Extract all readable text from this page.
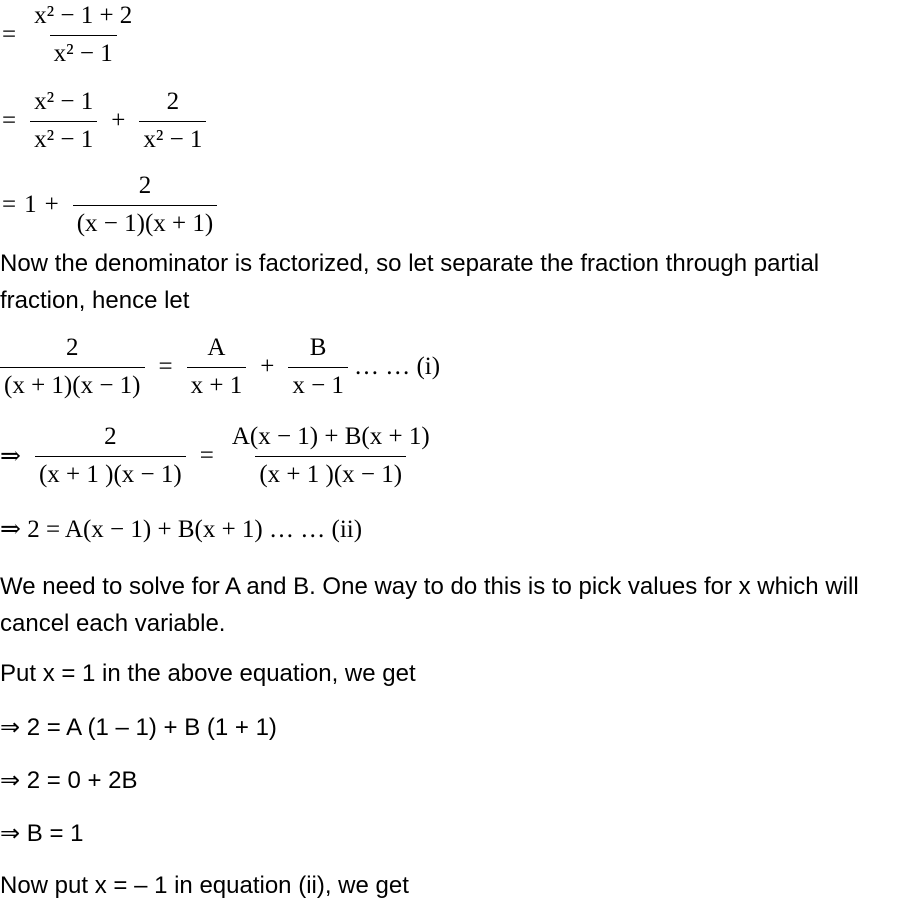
= $\frac{\text{x² − 1 + 2}}{\text{x² − 1}}$
= $\frac{\text{x² − 1}}{\text{x² − 1}} + \frac{2}{\text{x² − 1}}$
= $1 + \frac{2}{(x - 1)(x + 1)}$
Now the denominator is factorized, so let separate the fraction through partial fraction, hence let
$\frac{2}{(x + 1)(x - 1)} = \frac{A}{x + 1} + \frac{B}{x - 1}$ … … (i)
⇒ $\frac{2}{(x + 1 )(x - 1)} = \frac{A(x - 1) + B(x + 1)}{(x + 1 )(x - 1)}$
⇒ 2 = A(x − 1) + B(x + 1) … … (ii)
We need to solve for A and B. One way to do this is to pick values for x which will cancel each variable.
Put x = 1 in the above equation, we get
⇒ 2 = A (1 – 1) + B (1 + 1)
⇒ 2 = 0 + 2B
⇒ B = 1
Now put x = – 1 in equation (ii), we get
